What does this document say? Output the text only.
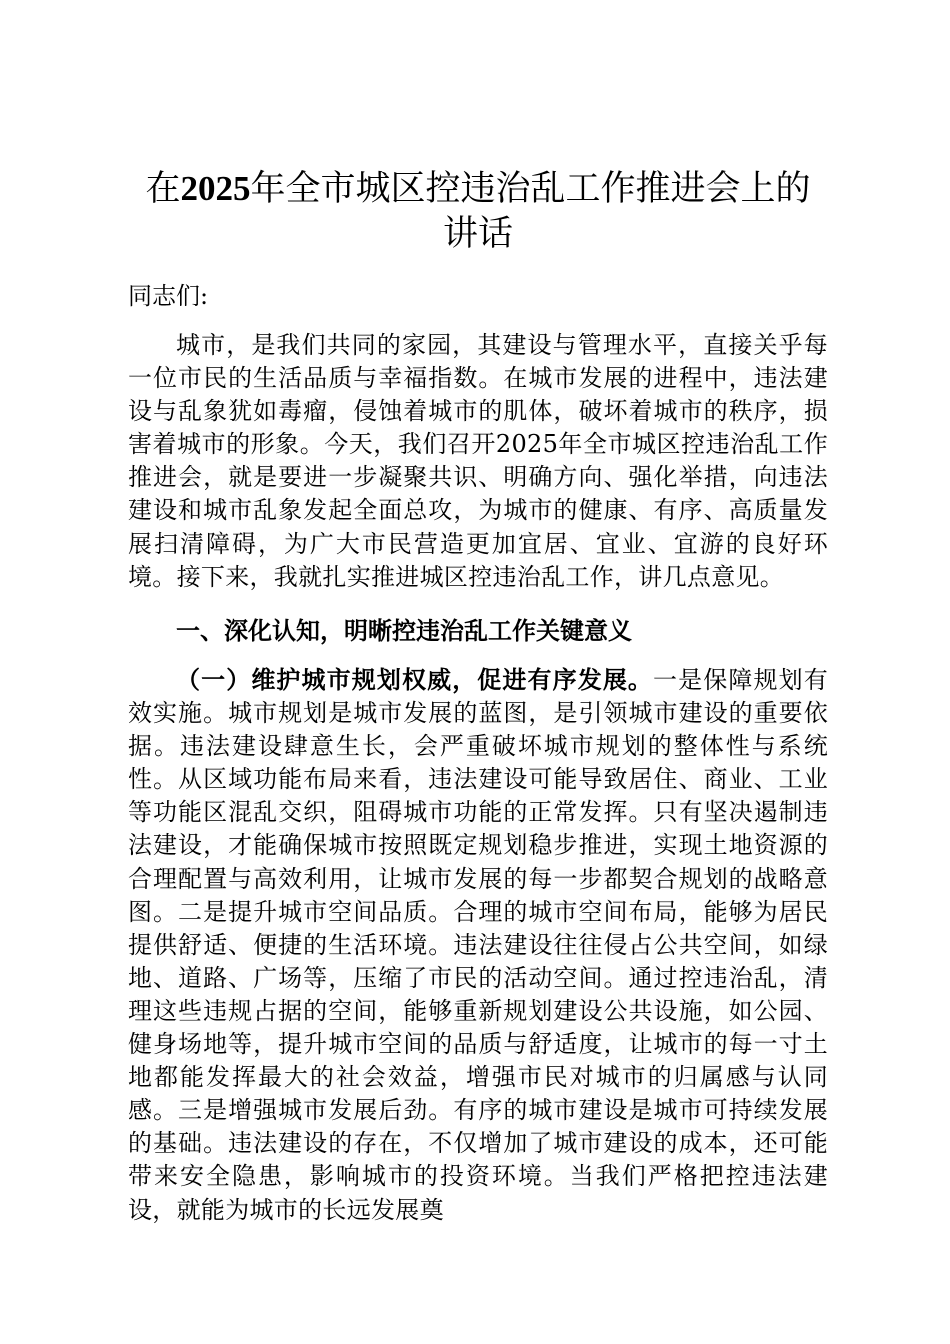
在2025年全市城区控违治乱工作推进会上的讲话

同志们:

城市，是我们共同的家园，其建设与管理水平，直接关乎每一位市民的生活品质与幸福指数。在城市发展的进程中，违法建设与乱象犹如毒瘤，侵蚀着城市的肌体，破坏着城市的秩序，损害着城市的形象。今天，我们召开2025年全市城区控违治乱工作推进会，就是要进一步凝聚共识、明确方向、强化举措，向违法建设和城市乱象发起全面总攻，为城市的健康、有序、高质量发展扫清障碍，为广大市民营造更加宜居、宜业、宜游的良好环境。接下来，我就扎实推进城区控违治乱工作，讲几点意见。

一、深化认知，明晰控违治乱工作关键意义

（一）维护城市规划权威，促进有序发展。一是保障规划有效实施。城市规划是城市发展的蓝图，是引领城市建设的重要依据。违法建设肆意生长，会严重破坏城市规划的整体性与系统性。从区域功能布局来看，违法建设可能导致居住、商业、工业等功能区混乱交织，阻碍城市功能的正常发挥。只有坚决遏制违法建设，才能确保城市按照既定规划稳步推进，实现土地资源的合理配置与高效利用，让城市发展的每一步都契合规划的战略意图。二是提升城市空间品质。合理的城市空间布局，能够为居民提供舒适、便捷的生活环境。违法建设往往侵占公共空间，如绿地、道路、广场等，压缩了市民的活动空间。通过控违治乱，清理这些违规占据的空间，能够重新规划建设公共设施，如公园、健身场地等，提升城市空间的品质与舒适度，让城市的每一寸土地都能发挥最大的社会效益，增强市民对城市的归属感与认同感。三是增强城市发展后劲。有序的城市建设是城市可持续发展的基础。违法建设的存在，不仅增加了城市建设的成本，还可能带来安全隐患，影响城市的投资环境。当我们严格把控违法建设，就能为城市的长远发展奠
